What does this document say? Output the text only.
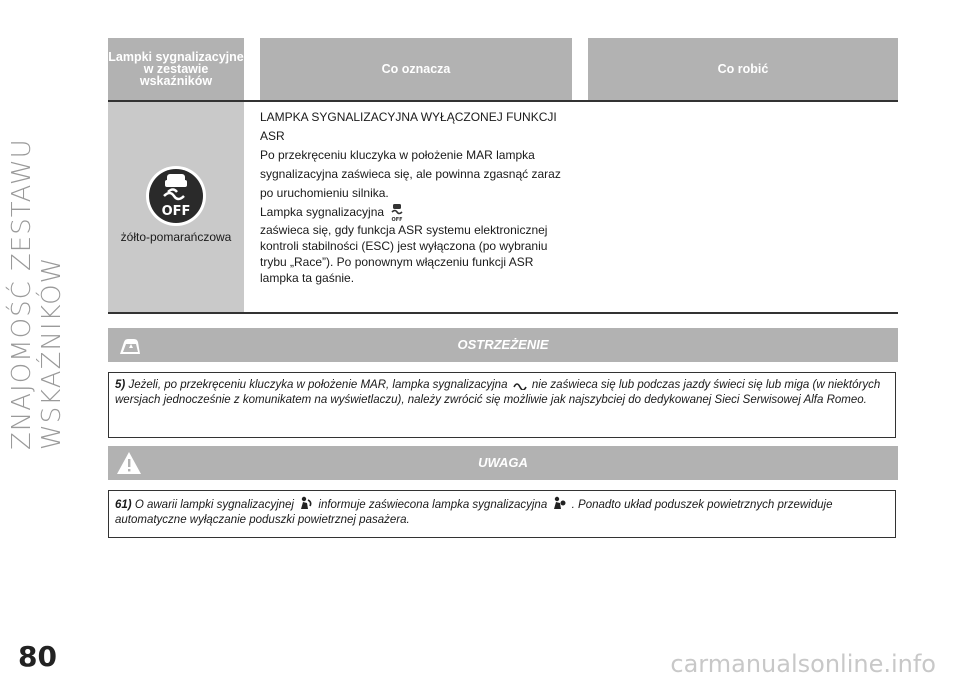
ZNAJOMOŚĆ ZESTAWU WSKAŹNIKÓW
80	carmanualsonline.info
Lampki sygnalizacyjne w zestawie wskaźników
Co oznacza	Co robić
OFF
żółto-pomarańczowa

LAMPKA SYGNALIZACYJNA WYŁĄCZONEJ FUNKCJI ASR

Po przekręceniu kluczyka w położenie MAR lampka

sygnalizacyjna zaświeca się, ale powinna zgasnąć zaraz

po uruchomieniu silnika.

Lampka sygnalizacyjna
OFF

zaświeca się, gdy funkcja ASR systemu elektronicznej

kontroli stabilności (ESC) jest wyłączona (po wybraniu

trybu „Race”). Po ponownym włączeniu funkcji ASR

lampka ta gaśnie.

OSTRZEŻENIE
5) Jeżeli, po przekręceniu kluczyka w położenie MAR, lampka sygnalizacyjna nie zaświeca się lub podczas jazdy świeci się lub miga (w niektórych wersjach jednocześnie z komunikatem na wyświetlaczu), należy zwrócić się możliwie jak najszybciej do dedykowanej Sieci Serwisowej Alfa Romeo.
UWAGA
61) O awarii lampki sygnalizacyjnej informuje zaświecona lampka sygnalizacyjna . Ponadto układ poduszek powietrznych przewiduje automatyczne wyłączanie poduszki powietrznej pasażera.
